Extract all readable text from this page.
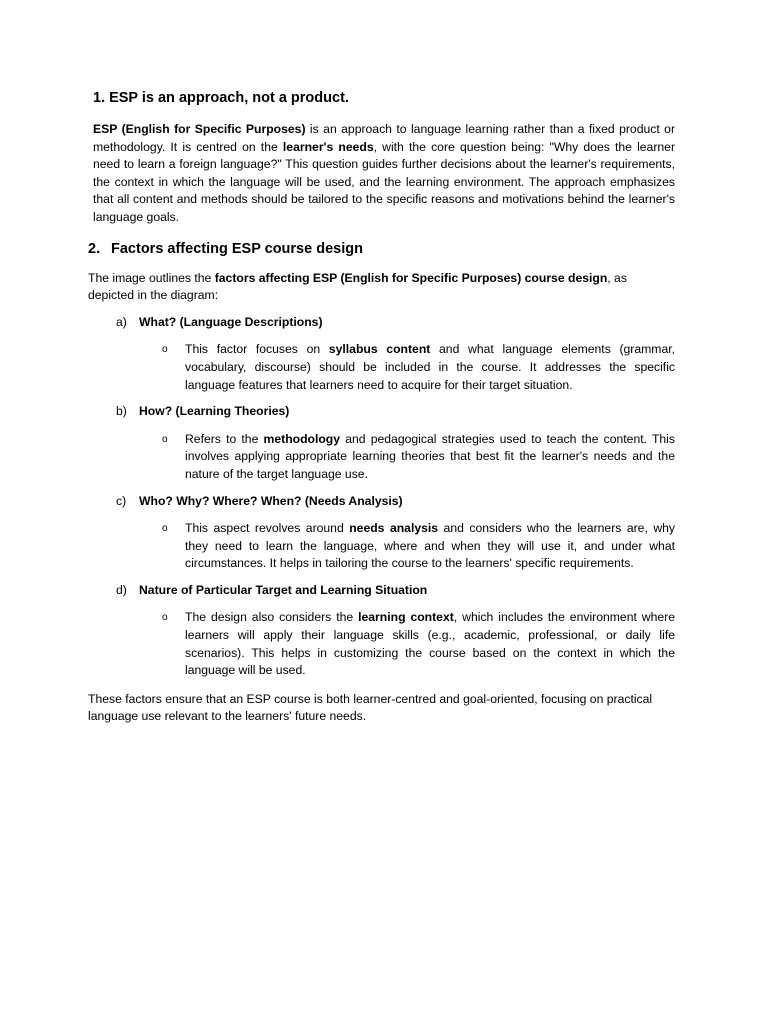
1. ESP is an approach, not a product.

ESP (English for Specific Purposes) is an approach to language learning rather than a fixed product or methodology. It is centred on the learner's needs, with the core question being: "Why does the learner need to learn a foreign language?" This question guides further decisions about the learner's requirements, the context in which the language will be used, and the learning environment. The approach emphasizes that all content and methods should be tailored to the specific reasons and motivations behind the learner's language goals.

2. Factors affecting ESP course design

The image outlines the factors affecting ESP (English for Specific Purposes) course design, as depicted in the diagram:

a) What? (Language Descriptions)
o	This factor focuses on syllabus content and what language elements (grammar, vocabulary, discourse) should be included in the course. It addresses the specific language features that learners need to acquire for their target situation.

b) How? (Learning Theories)
o	Refers to the methodology and pedagogical strategies used to teach the content. This involves applying appropriate learning theories that best fit the learner's needs and the nature of the target language use.

c)	Who? Why? Where? When? (Needs Analysis)
o	This aspect revolves around needs analysis and considers who the learners are, why they need to learn the language, where and when they will use it, and under what circumstances. It helps in tailoring the course to the learners' specific requirements.

d) Nature of Particular Target and Learning Situation
o	The design also considers the learning context, which includes the environment where learners will apply their language skills (e.g., academic, professional, or daily life scenarios). This helps in customizing the course based on the context in which the language will be used.

These factors ensure that an ESP course is both learner-centred and goal-oriented, focusing on practical language use relevant to the learners' future needs.
